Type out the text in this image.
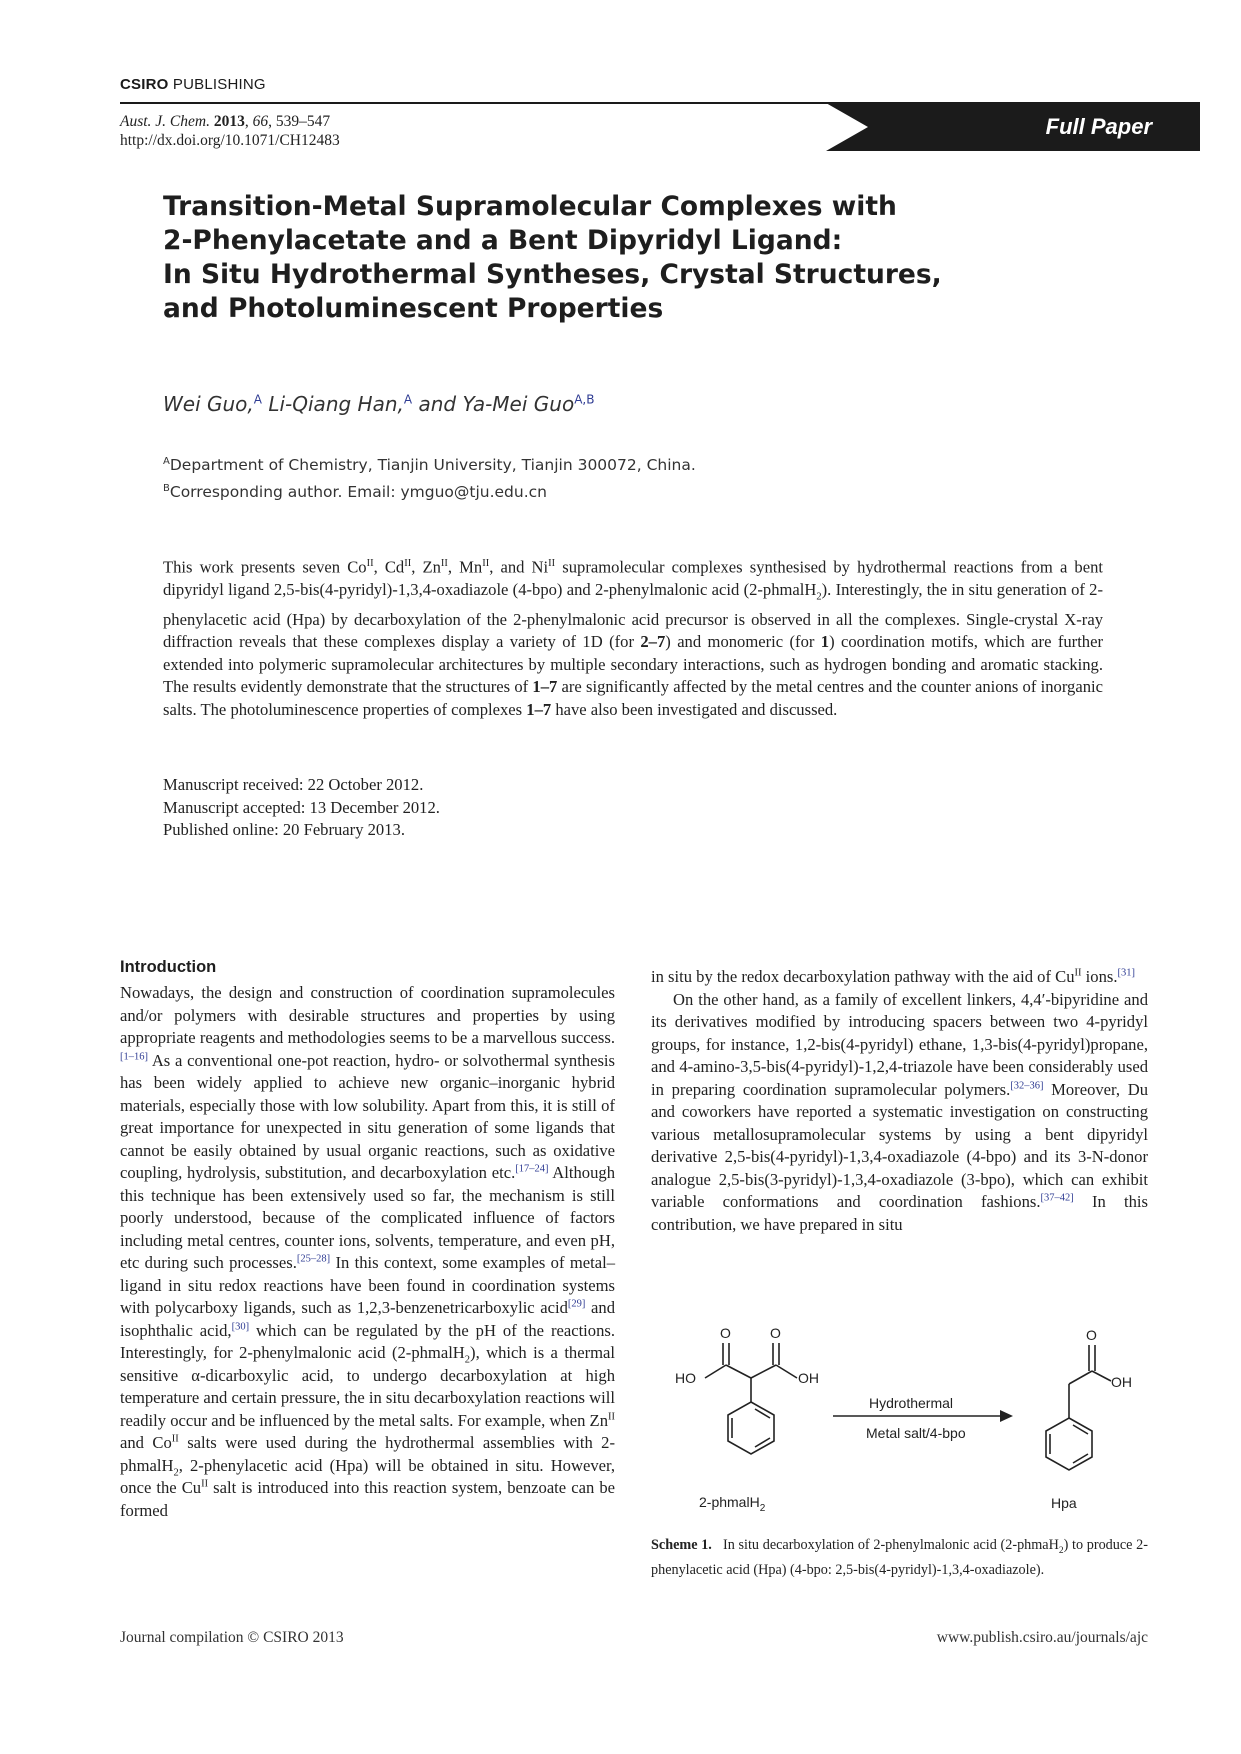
CSIRO PUBLISHING
Aust. J. Chem. 2013, 66, 539–547
http://dx.doi.org/10.1071/CH12483
Full Paper
Transition-Metal Supramolecular Complexes with
2-Phenylacetate and a Bent Dipyridyl Ligand:
In Situ Hydrothermal Syntheses, Crystal Structures,
and Photoluminescent Properties
Wei Guo,$^A$ Li-Qiang Han,$^A$ and Ya-Mei Guo$^{A,B}$
$^A$Department of Chemistry, Tianjin University, Tianjin 300072, China.
$^B$Corresponding author. Email: ymguo@tju.edu.cn
This work presents seven $Co^{II}$, $Cd^{II}$, $Zn^{II}$, $Mn^{II}$, and $Ni^{II}$ supramolecular complexes synthesised by hydrothermal reactions from a bent dipyridyl ligand 2,5-bis(4-pyridyl)-1,3,4-oxadiazole (4-bpo) and 2-phenylmalonic acid (2-phmalH$_2$). Interestingly, the in situ generation of 2-phenylacetic acid (Hpa) by decarboxylation of the 2-phenylmalonic acid precursor is observed in all the complexes. Single-crystal X-ray diffraction reveals that these complexes display a variety of 1D (for 2–7) and monomeric (for 1) coordination motifs, which are further extended into polymeric supramolecular architectures by multiple secondary interactions, such as hydrogen bonding and aromatic stacking. The results evidently demonstrate that the structures of 1–7 are significantly affected by the metal centres and the counter anions of inorganic salts. The photoluminescence properties of complexes 1–7 have also been investigated and discussed.
Manuscript received: 22 October 2012.
Manuscript accepted: 13 December 2012.
Published online: 20 February 2013.
Introduction

Nowadays, the design and construction of coordination supramolecules and/or polymers with desirable structures and properties by using appropriate reagents and methodologies seems to be a marvellous success.[1–16] As a conventional one-pot reaction, hydro- or solvothermal synthesis has been widely applied to achieve new organic–inorganic hybrid materials, especially those with low solubility. Apart from this, it is still of great importance for unexpected in situ generation of some ligands that cannot be easily obtained by usual organic reactions, such as oxidative coupling, hydrolysis, substitution, and decarboxylation etc.[17–24] Although this technique has been extensively used so far, the mechanism is still poorly understood, because of the complicated influence of factors including metal centres, counter ions, solvents, temperature, and even pH, etc during such processes.[25–28] In this context, some examples of metal–ligand in situ redox reactions have been found in coordination systems with polycarboxy ligands, such as 1,2,3-benzenetricarboxylic acid[29] and isophthalic acid,[30] which can be regulated by the pH of the reactions. Interestingly, for 2-phenylmalonic acid (2-phmalH$_2$), which is a thermal sensitive α-dicarboxylic acid, to undergo decarboxylation at high temperature and certain pressure, the in situ decarboxylation reactions will readily occur and be influenced by the metal salts. For example, when $Zn^{II}$ and $Co^{II}$ salts were used during the hydrothermal assemblies with 2-phmalH$_2$, 2-phenylacetic acid (Hpa) will be obtained in situ. However, once the $Cu^{II}$ salt is introduced into this reaction system, benzoate can be formed

in situ by the redox decarboxylation pathway with the aid of $Cu^{II}$ ions.[31]

On the other hand, as a family of excellent linkers, 4,4′-bipyridine and its derivatives modified by introducing spacers between two 4-pyridyl groups, for instance, 1,2-bis(4-pyridyl) ethane, 1,3-bis(4-pyridyl)propane, and 4-amino-3,5-bis(4-pyridyl)-1,2,4-triazole have been considerably used in preparing coordination supramolecular polymers.[32–36] Moreover, Du and coworkers have reported a systematic investigation on constructing various metallosupramolecular systems by using a bent dipyridyl derivative 2,5-bis(4-pyridyl)-1,3,4-oxadiazole (4-bpo) and its 3-N-donor analogue 2,5-bis(3-pyridyl)-1,3,4-oxadiazole (3-bpo), which can exhibit variable conformations and coordination fashions.[37–42] In this contribution, we have prepared in situ

O	O
HO	OH
O
OH
Hydrothermal
Metal salt/4-bpo
Hpa
2-phmalH$_2$
Scheme 1. In situ decarboxylation of 2-phenylmalonic acid (2-phmaH$_2$) to produce 2-phenylacetic acid (Hpa) (4-bpo: 2,5-bis(4-pyridyl)-1,3,4-oxadiazole).
Journal compilation © CSIRO 2013	www.publish.csiro.au/journals/ajc
